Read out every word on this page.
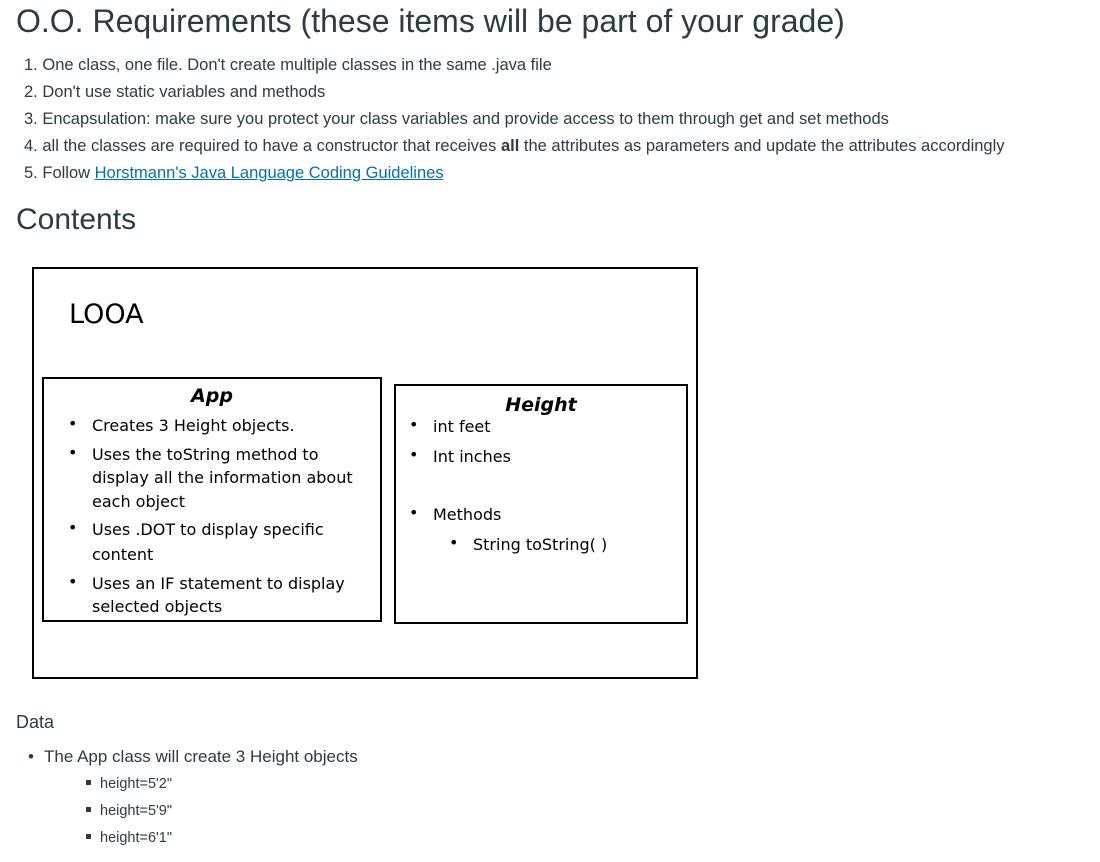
O.O. Requirements (these items will be part of your grade)
1. One class, one file. Don't create multiple classes in the same .java file
2. Don't use static variables and methods
3. Encapsulation: make sure you protect your class variables and provide access to them through get and set methods
4. all the classes are required to have a constructor that receives all the attributes as parameters and update the attributes accordingly
5. Follow Horstmann's Java Language Coding Guidelines
Contents
LOOA
App
• Creates 3 Height objects.
• Uses the toString method to
display all the information about
each object
• Uses .DOT to display specific
content
• Uses an IF statement to display
selected objects
Height
• int feet
• Int inches
• Methods
• String toString( )
Data
• The App class will create 3 Height objects
height=5'2"
height=5'9"
height=6'1"
